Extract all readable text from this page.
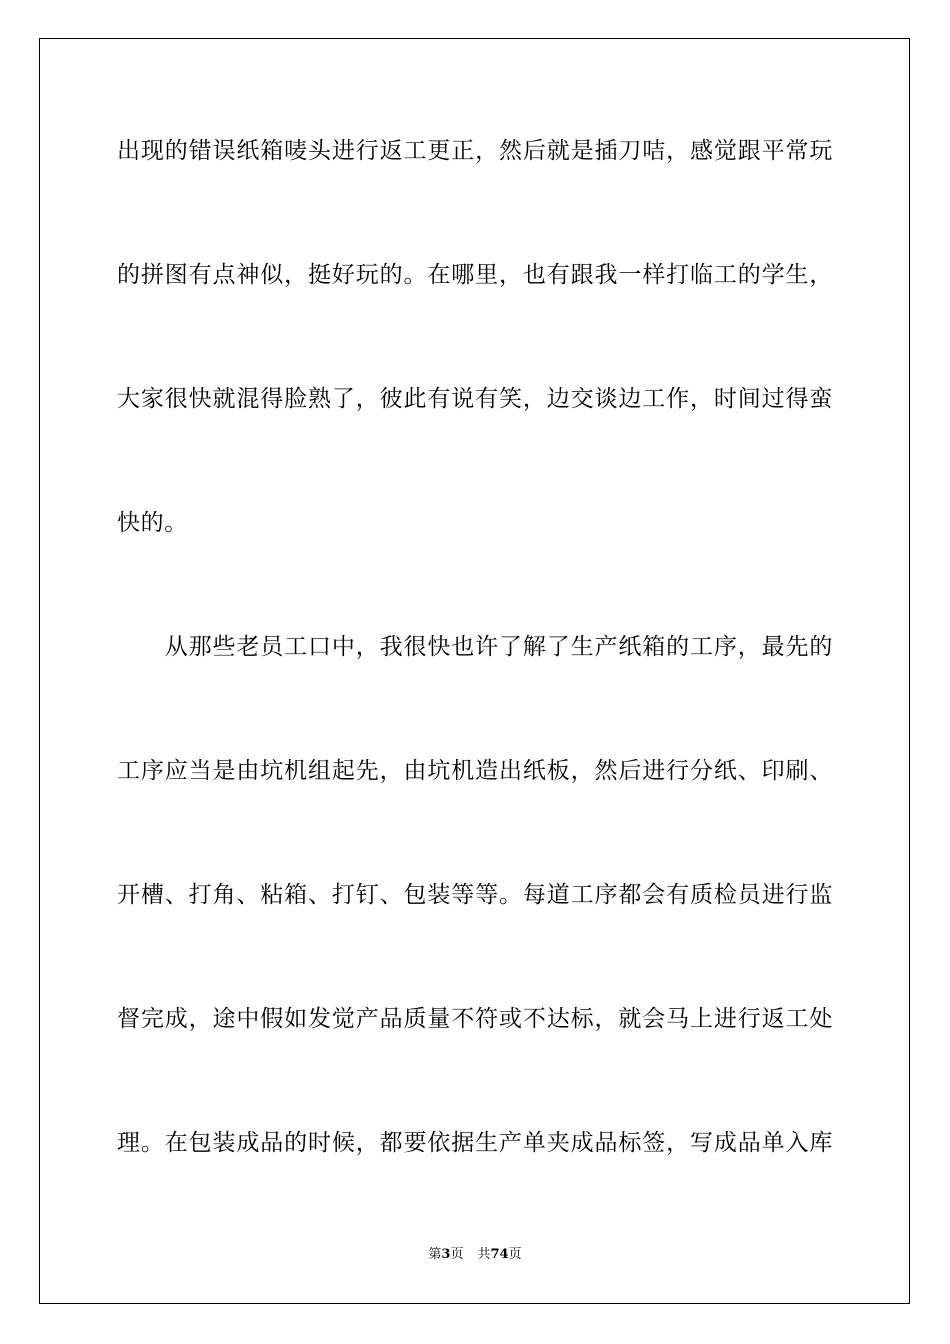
出现的错误纸箱唛头进行返工更正，然后就是插刀咭，感觉跟平常玩
的拼图有点神似，挺好玩的。在哪里，也有跟我一样打临工的学生，
大家很快就混得脸熟了，彼此有说有笑，边交谈边工作，时间过得蛮
快的。
　　从那些老员工口中，我很快也许了解了生产纸箱的工序，最先的
工序应当是由坑机组起先，由坑机造出纸板，然后进行分纸、印刷、
开槽、打角、粘箱、打钉、包装等等。每道工序都会有质检员进行监
督完成，途中假如发觉产品质量不符或不达标，就会马上进行返工处
理。在包装成品的时候，都要依据生产单夹成品标签，写成品单入库
第3页 共74页
